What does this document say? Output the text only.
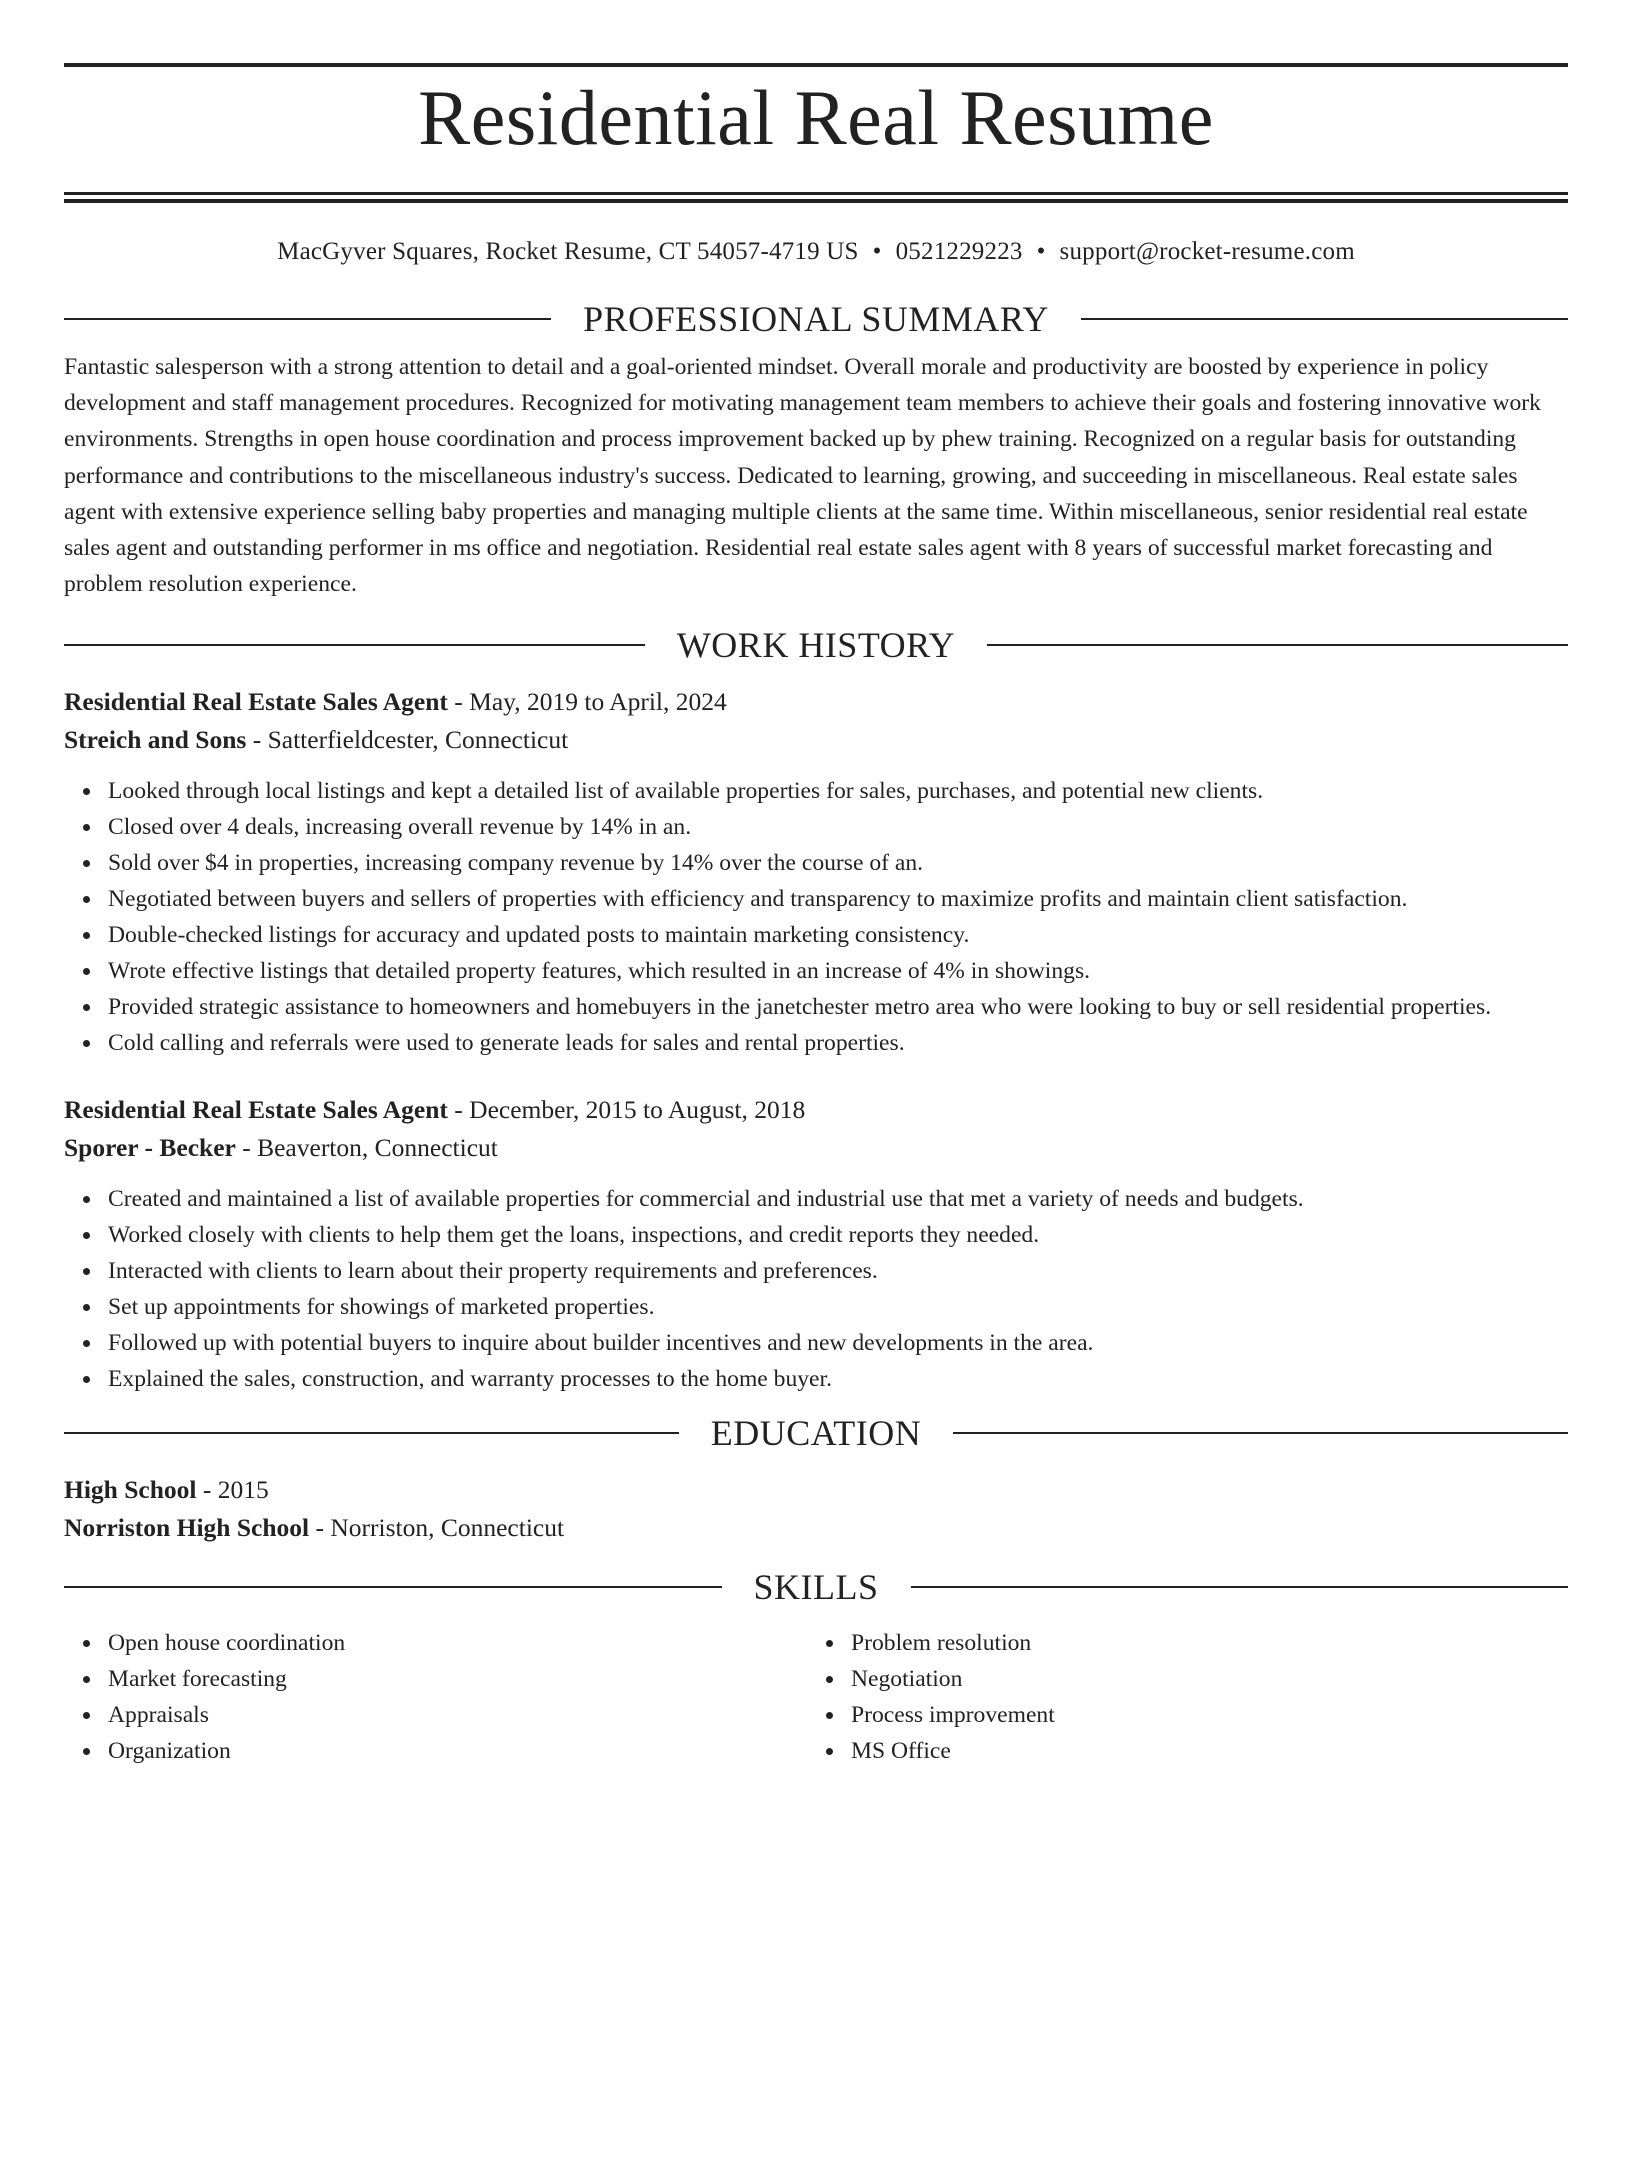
Residential Real Resume
MacGyver Squares, Rocket Resume, CT 54057-4719 US • 0521229223 • support@rocket-resume.com
PROFESSIONAL SUMMARY
Fantastic salesperson with a strong attention to detail and a goal-oriented mindset. Overall morale and productivity are boosted by experience in policy development and staff management procedures. Recognized for motivating management team members to achieve their goals and fostering innovative work environments. Strengths in open house coordination and process improvement backed up by phew training. Recognized on a regular basis for outstanding performance and contributions to the miscellaneous industry's success. Dedicated to learning, growing, and succeeding in miscellaneous. Real estate sales agent with extensive experience selling baby properties and managing multiple clients at the same time. Within miscellaneous, senior residential real estate sales agent and outstanding performer in ms office and negotiation. Residential real estate sales agent with 8 years of successful market forecasting and problem resolution experience.
WORK HISTORY
Residential Real Estate Sales Agent - May, 2019 to April, 2024
Streich and Sons - Satterfieldcester, Connecticut
Looked through local listings and kept a detailed list of available properties for sales, purchases, and potential new clients.
Closed over 4 deals, increasing overall revenue by 14% in an.
Sold over $4 in properties, increasing company revenue by 14% over the course of an.
Negotiated between buyers and sellers of properties with efficiency and transparency to maximize profits and maintain client satisfaction.
Double-checked listings for accuracy and updated posts to maintain marketing consistency.
Wrote effective listings that detailed property features, which resulted in an increase of 4% in showings.
Provided strategic assistance to homeowners and homebuyers in the janetchester metro area who were looking to buy or sell residential properties.
Cold calling and referrals were used to generate leads for sales and rental properties.
Residential Real Estate Sales Agent - December, 2015 to August, 2018
Sporer - Becker - Beaverton, Connecticut
Created and maintained a list of available properties for commercial and industrial use that met a variety of needs and budgets.
Worked closely with clients to help them get the loans, inspections, and credit reports they needed.
Interacted with clients to learn about their property requirements and preferences.
Set up appointments for showings of marketed properties.
Followed up with potential buyers to inquire about builder incentives and new developments in the area.
Explained the sales, construction, and warranty processes to the home buyer.
EDUCATION
High School - 2015
Norriston High School - Norriston, Connecticut
SKILLS
Open house coordination
Market forecasting
Appraisals
Organization
Problem resolution
Negotiation
Process improvement
MS Office
